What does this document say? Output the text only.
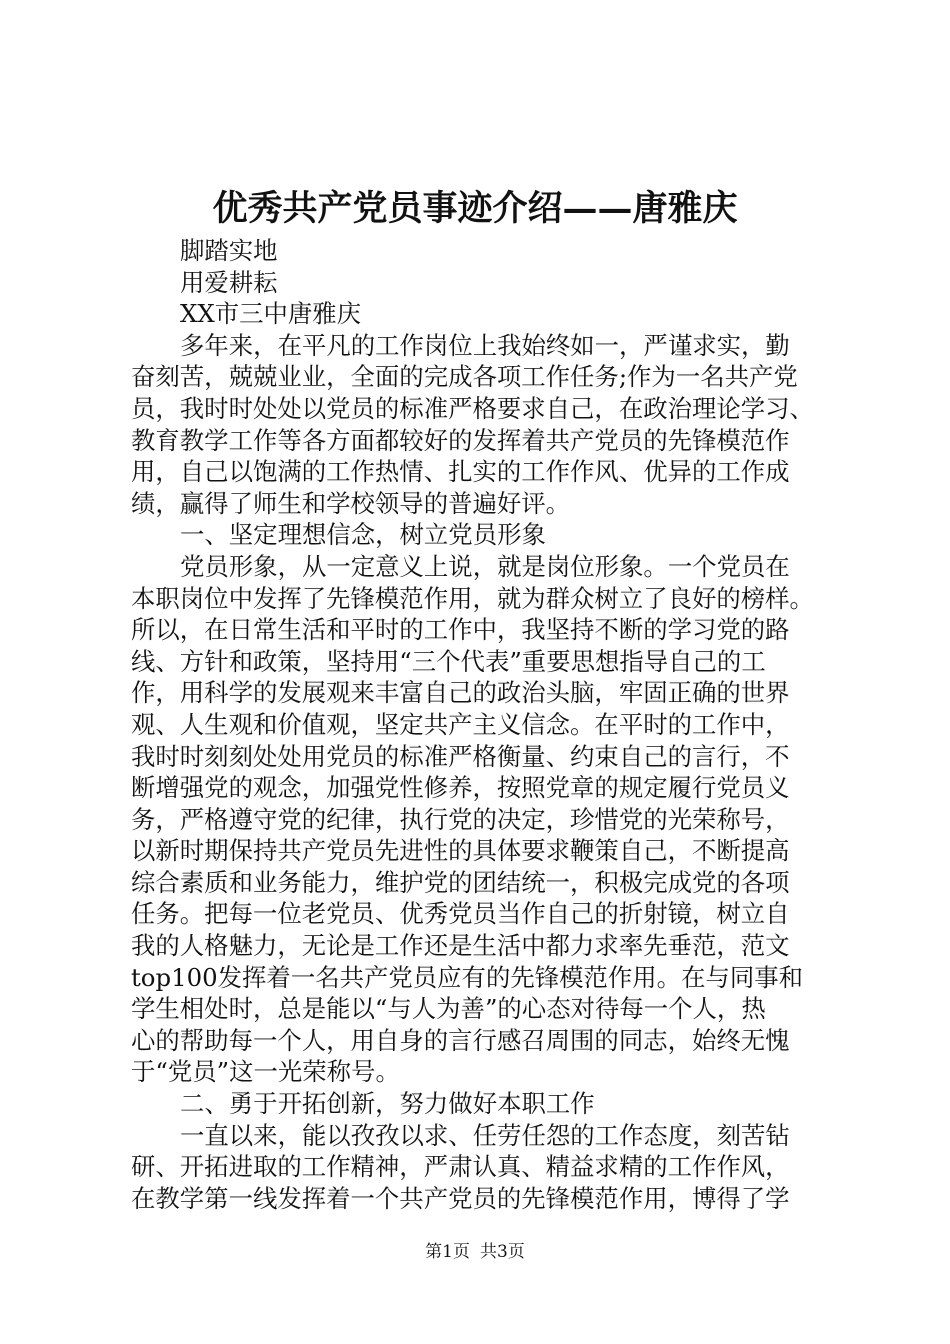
优秀共产党员事迹介绍——唐雅庆
脚踏实地
用爱耕耘
XX市三中唐雅庆
多年来，在平凡的工作岗位上我始终如一，严谨求实，勤
奋刻苦，兢兢业业，全面的完成各项工作任务;作为一名共产党
员，我时时处处以党员的标准严格要求自己，在政治理论学习、
教育教学工作等各方面都较好的发挥着共产党员的先锋模范作
用，自己以饱满的工作热情、扎实的工作作风、优异的工作成
绩，赢得了师生和学校领导的普遍好评。
一、坚定理想信念，树立党员形象
党员形象，从一定意义上说，就是岗位形象。一个党员在
本职岗位中发挥了先锋模范作用，就为群众树立了良好的榜样。
所以，在日常生活和平时的工作中，我坚持不断的学习党的路
线、方针和政策，坚持用“三个代表”重要思想指导自己的工
作，用科学的发展观来丰富自己的政治头脑，牢固正确的世界
观、人生观和价值观，坚定共产主义信念。在平时的工作中，
我时时刻刻处处用党员的标准严格衡量、约束自己的言行，不
断增强党的观念，加强党性修养，按照党章的规定履行党员义
务，严格遵守党的纪律，执行党的决定，珍惜党的光荣称号，
以新时期保持共产党员先进性的具体要求鞭策自己，不断提高
综合素质和业务能力，维护党的团结统一，积极完成党的各项
任务。把每一位老党员、优秀党员当作自己的折射镜，树立自
我的人格魅力，无论是工作还是生活中都力求率先垂范，范文
top100发挥着一名共产党员应有的先锋模范作用。在与同事和
学生相处时，总是能以“与人为善”的心态对待每一个人，热
心的帮助每一个人，用自身的言行感召周围的同志，始终无愧
于“党员”这一光荣称号。
二、勇于开拓创新，努力做好本职工作
一直以来，能以孜孜以求、任劳任怨的工作态度，刻苦钻
研、开拓进取的工作精神，严肃认真、精益求精的工作作风，
在教学第一线发挥着一个共产党员的先锋模范作用，博得了学
第1页 共3页
